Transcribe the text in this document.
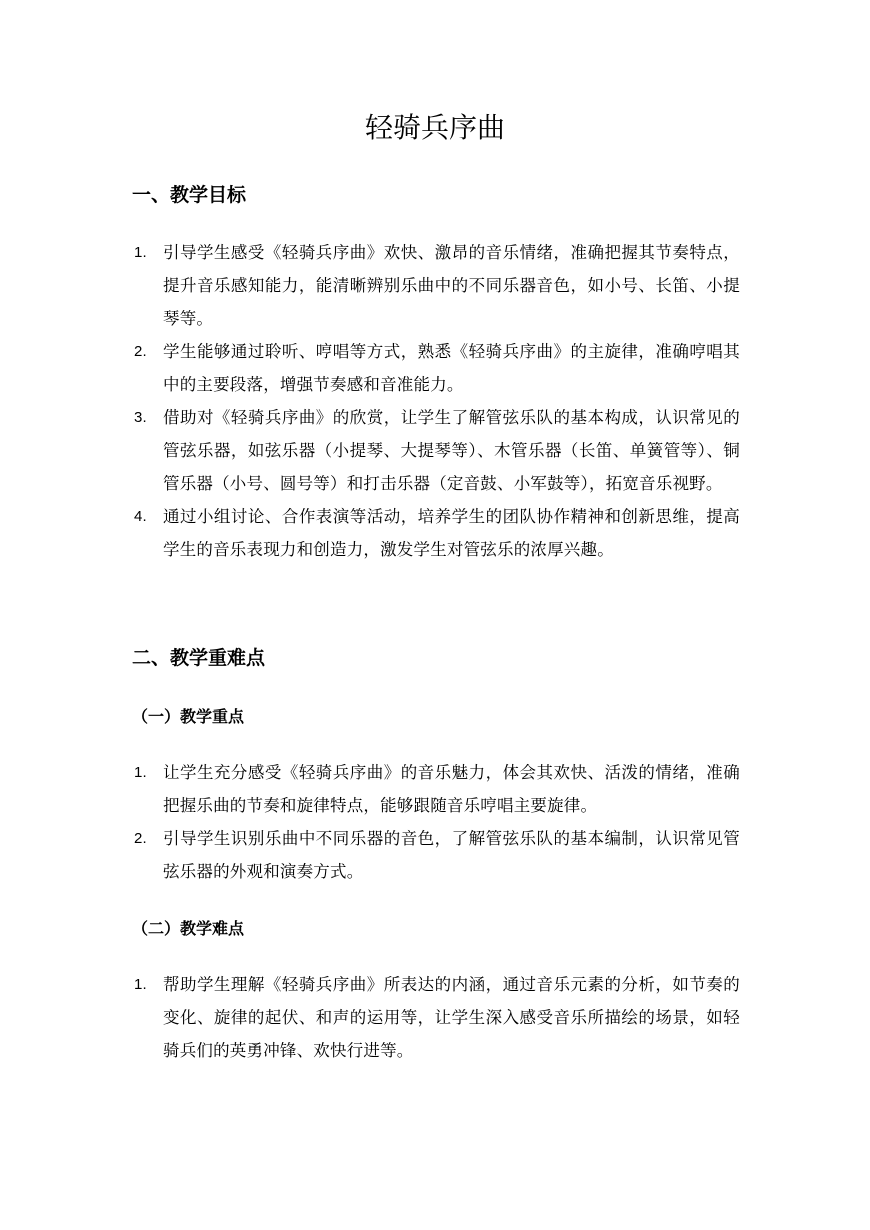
轻骑兵序曲
一、教学目标
1. 引导学生感受《轻骑兵序曲》欢快、激昂的音乐情绪，准确把握其节奏特点，提升音乐感知能力，能清晰辨别乐曲中的不同乐器音色，如小号、长笛、小提琴等。
2. 学生能够通过聆听、哼唱等方式，熟悉《轻骑兵序曲》的主旋律，准确哼唱其中的主要段落，增强节奏感和音准能力。
3. 借助对《轻骑兵序曲》的欣赏，让学生了解管弦乐队的基本构成，认识常见的管弦乐器，如弦乐器（小提琴、大提琴等）、木管乐器（长笛、单簧管等）、铜管乐器（小号、圆号等）和打击乐器（定音鼓、小军鼓等），拓宽音乐视野。
4. 通过小组讨论、合作表演等活动，培养学生的团队协作精神和创新思维，提高学生的音乐表现力和创造力，激发学生对管弦乐的浓厚兴趣。
二、教学重难点
（一）教学重点
1. 让学生充分感受《轻骑兵序曲》的音乐魅力，体会其欢快、活泼的情绪，准确把握乐曲的节奏和旋律特点，能够跟随音乐哼唱主要旋律。
2. 引导学生识别乐曲中不同乐器的音色，了解管弦乐队的基本编制，认识常见管弦乐器的外观和演奏方式。
（二）教学难点
1. 帮助学生理解《轻骑兵序曲》所表达的内涵，通过音乐元素的分析，如节奏的变化、旋律的起伏、和声的运用等，让学生深入感受音乐所描绘的场景，如轻骑兵们的英勇冲锋、欢快行进等。
